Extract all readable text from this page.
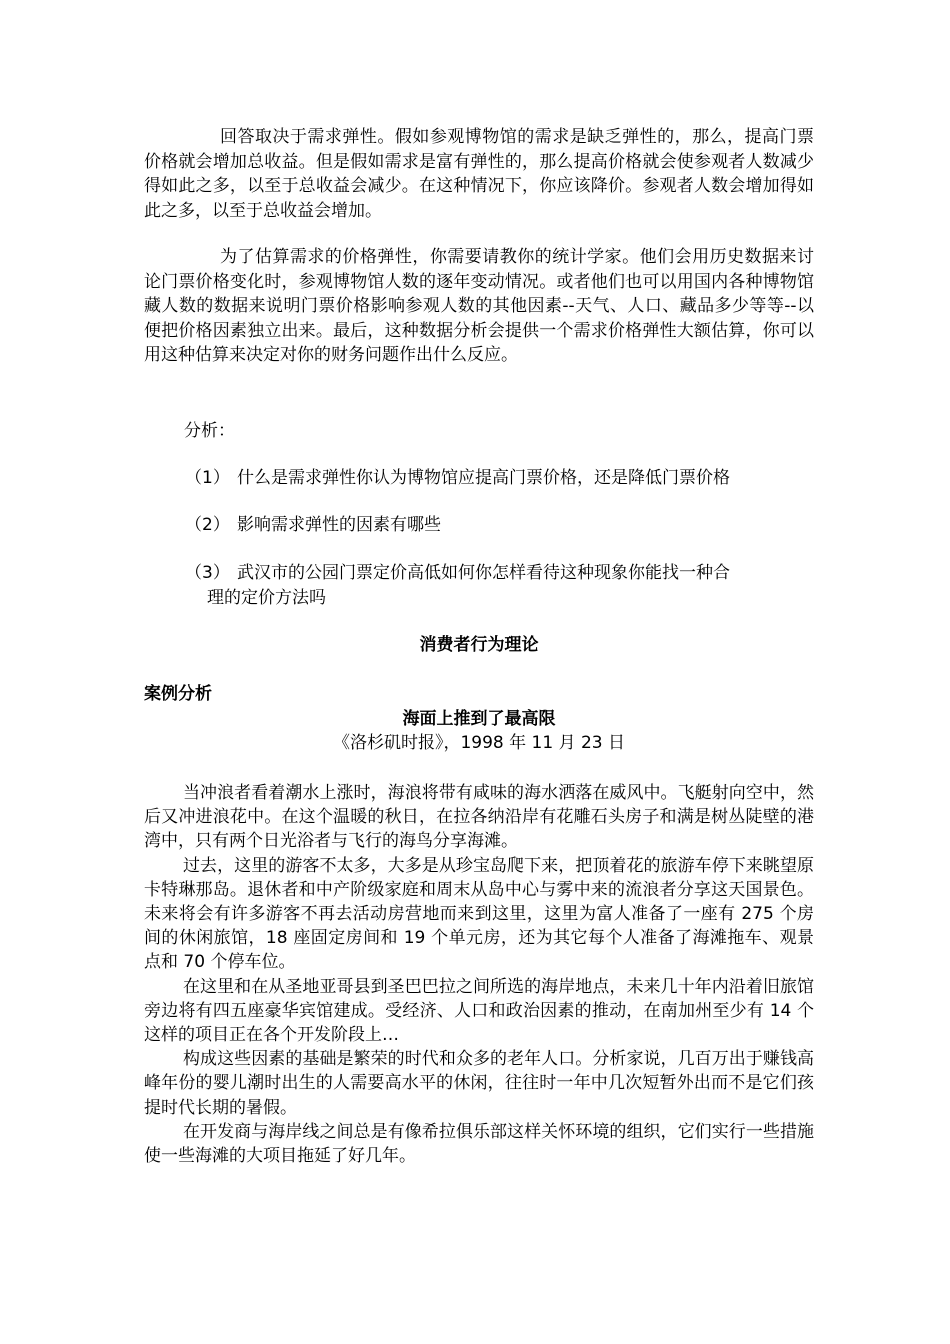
回答取决于需求弹性。假如参观博物馆的需求是缺乏弹性的，那么，提高门票价格就会增加总收益。但是假如需求是富有弹性的，那么提高价格就会使参观者人数减少得如此之多，以至于总收益会减少。在这种情况下，你应该降价。参观者人数会增加得如此之多，以至于总收益会增加。

为了估算需求的价格弹性，你需要请教你的统计学家。他们会用历史数据来讨论门票价格变化时，参观博物馆人数的逐年变动情况。或者他们也可以用国内各种博物馆藏人数的数据来说明门票价格影响参观人数的其他因素--天气、人口、藏品多少等等--以便把价格因素独立出来。最后，这种数据分析会提供一个需求价格弹性大额估算，你可以用这种估算来决定对你的财务问题作出什么反应。

分析：

（1） 什么是需求弹性你认为博物馆应提高门票价格，还是降低门票价格
（2） 影响需求弹性的因素有哪些
（3） 武汉市的公园门票定价高低如何你怎样看待这种现象你能找一种合
理的定价方法吗

消费者行为理论

案例分析

海面上推到了最高限

《洛杉矶时报》，1998 年 11 月 23 日

当冲浪者看着潮水上涨时，海浪将带有咸味的海水洒落在威风中。飞艇射向空中，然后又冲进浪花中。在这个温暖的秋日，在拉各纳沿岸有花雕石头房子和满是树丛陡壁的港湾中，只有两个日光浴者与飞行的海鸟分享海滩。

过去，这里的游客不太多，大多是从珍宝岛爬下来，把顶着花的旅游车停下来眺望原卡特琳那岛。退休者和中产阶级家庭和周末从岛中心与雾中来的流浪者分享这天国景色。未来将会有许多游客不再去活动房营地而来到这里，这里为富人准备了一座有 275 个房间的休闲旅馆，18 座固定房间和 19 个单元房，还为其它每个人准备了海滩拖车、观景点和 70 个停车位。

在这里和在从圣地亚哥县到圣巴巴拉之间所选的海岸地点，未来几十年内沿着旧旅馆旁边将有四五座豪华宾馆建成。受经济、人口和政治因素的推动，在南加州至少有 14 个这样的项目正在各个开发阶段上…

构成这些因素的基础是繁荣的时代和众多的老年人口。分析家说，几百万出于赚钱高峰年份的婴儿潮时出生的人需要高水平的休闲，往往时一年中几次短暂外出而不是它们孩提时代长期的暑假。

在开发商与海岸线之间总是有像希拉俱乐部这样关怀环境的组织，它们实行一些措施使一些海滩的大项目拖延了好几年。
